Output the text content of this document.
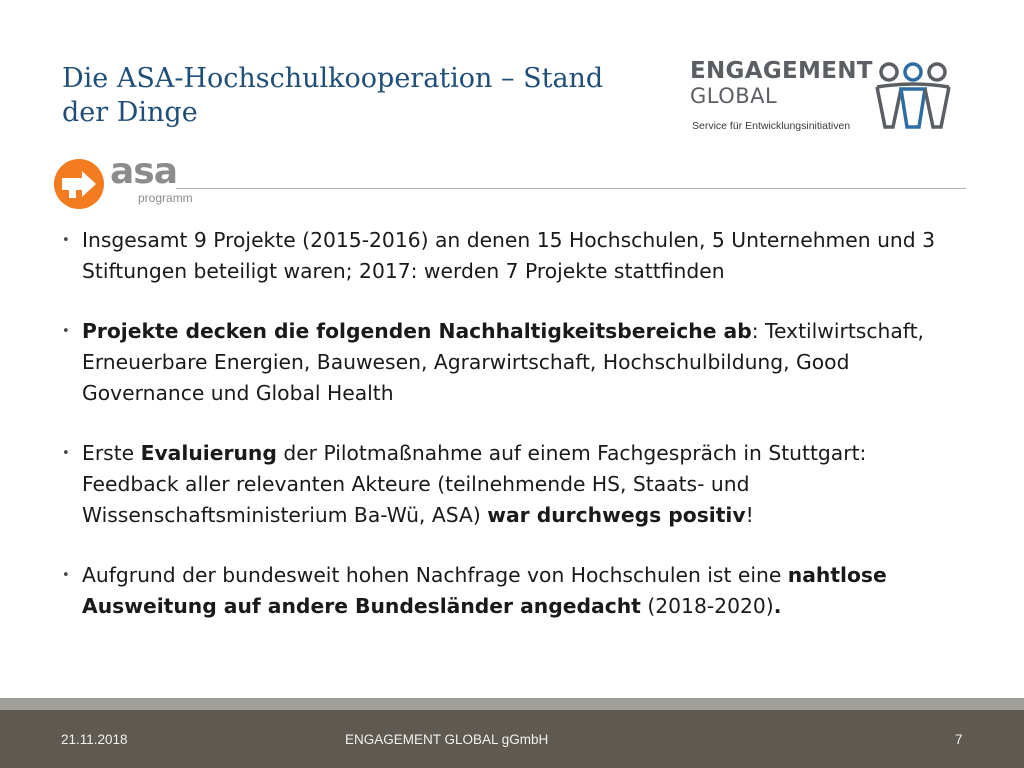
Die ASA-Hochschulkooperation – Stand der Dinge
ENGAGEMENT
GLOBAL
Service für Entwicklungsinitiativen
asa
programm
• Insgesamt 9 Projekte (2015-2016) an denen 15 Hochschulen, 5 Unternehmen und 3 Stiftungen beteiligt waren; 2017: werden 7 Projekte stattfinden
• Projekte decken die folgenden Nachhaltigkeitsbereiche ab: Textilwirtschaft, Erneuerbare Energien, Bauwesen, Agrarwirtschaft, Hochschulbildung, Good Governance und Global Health
• Erste Evaluierung der Pilotmaßnahme auf einem Fachgespräch in Stuttgart: Feedback aller relevanten Akteure (teilnehmende HS, Staats- und Wissenschaftsministerium Ba-Wü, ASA) war durchwegs positiv!
• Aufgrund der bundesweit hohen Nachfrage von Hochschulen ist eine nahtlose Ausweitung auf andere Bundesländer angedacht (2018-2020).
21.11.2018	ENGAGEMENT GLOBAL gGmbH	7
